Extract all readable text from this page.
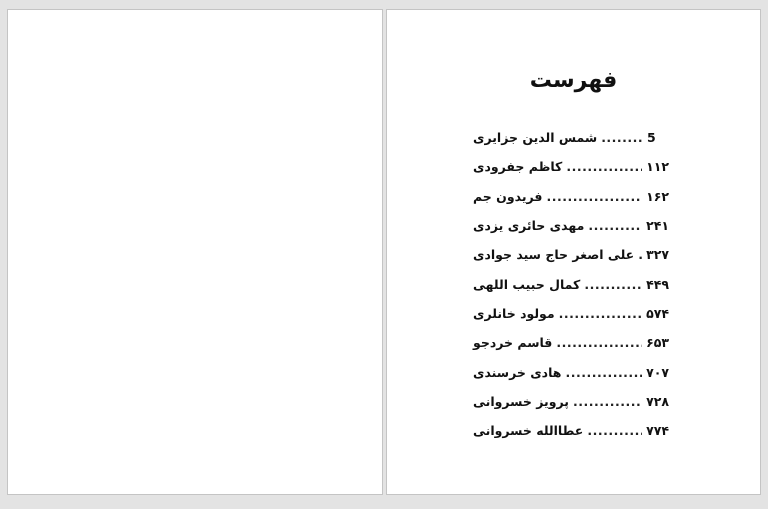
فهرست
شمس الدین جزایری .....	5
کاظم جفرودی .....	۱۱۲
فریدون جم .....	۱۶۲
مهدی حائری یزدی .....	۲۴۱
علی اصغر حاج سید جوادی ..... ۳۲۷
کمال حبیب اللهی .....	۴۴۹
مولود خانلری .....	۵۷۴
قاسم خردجو .....	۶۵۳
هادی خرسندی .....	۷۰۷
پرویز خسروانی .....	۷۲۸
عطاالله خسروانی .....	۷۷۴
